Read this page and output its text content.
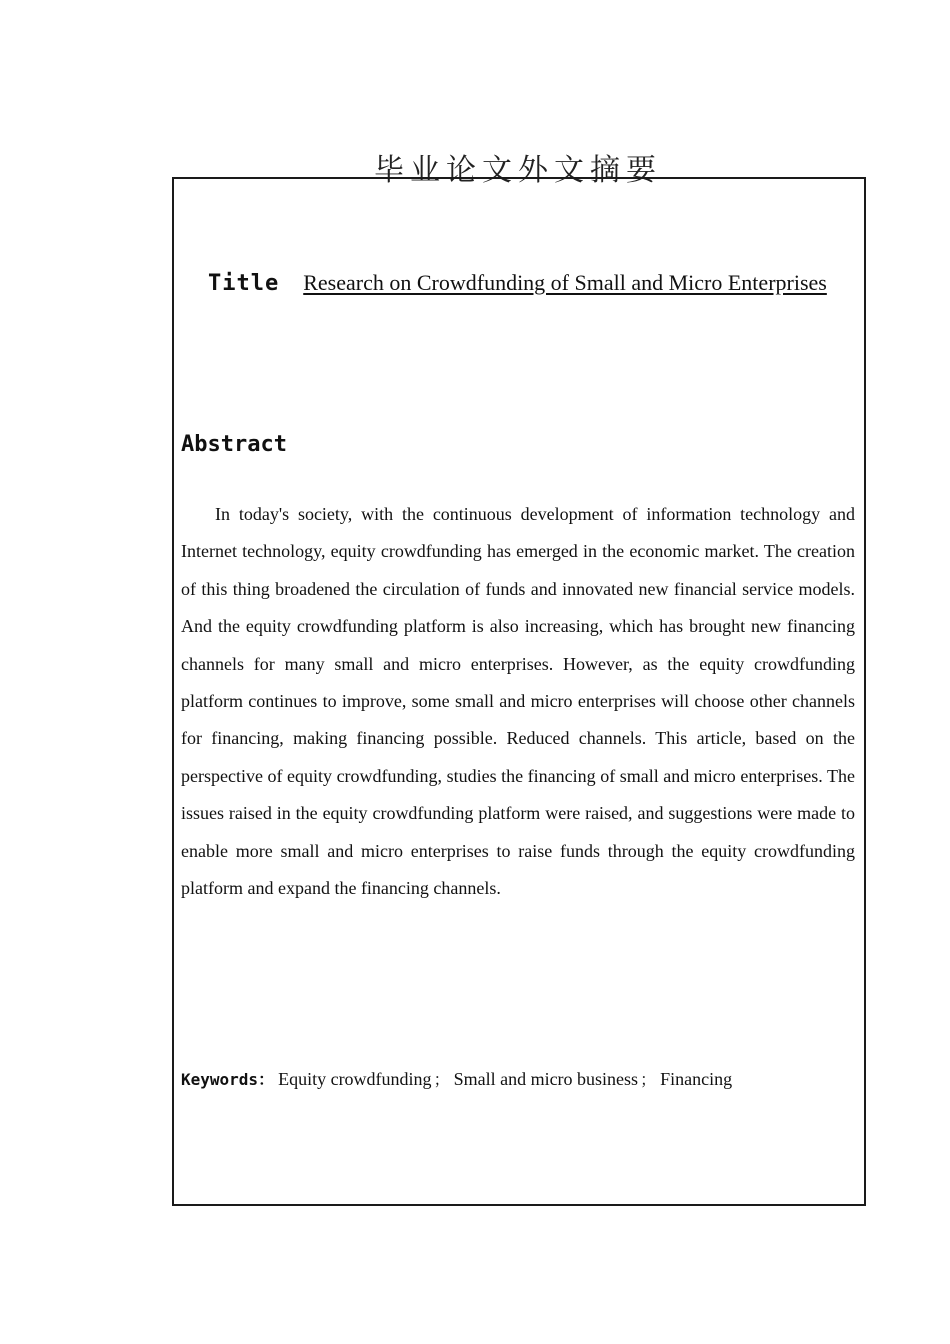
毕业论文外文摘要
Title Research on Crowdfunding of Small and Micro Enterprises
Abstract

In today's society, with the continuous development of information technology and Internet technology, equity crowdfunding has emerged in the economic market. The creation of this thing broadened the circulation of funds and innovated new financial service models. And the equity crowdfunding platform is also increasing, which has brought new financing channels for many small and micro enterprises. However, as the equity crowdfunding platform continues to improve, some small and micro enterprises will choose other channels for financing, making financing possible. Reduced channels. This article, based on the perspective of equity crowdfunding, studies the financing of small and micro enterprises. The issues raised in the equity crowdfunding platform were raised, and suggestions were made to enable more small and micro enterprises to raise funds through the equity crowdfunding platform and expand the financing channels.

Keywords ： Equity crowdfunding ； Small and micro business ； Financing
